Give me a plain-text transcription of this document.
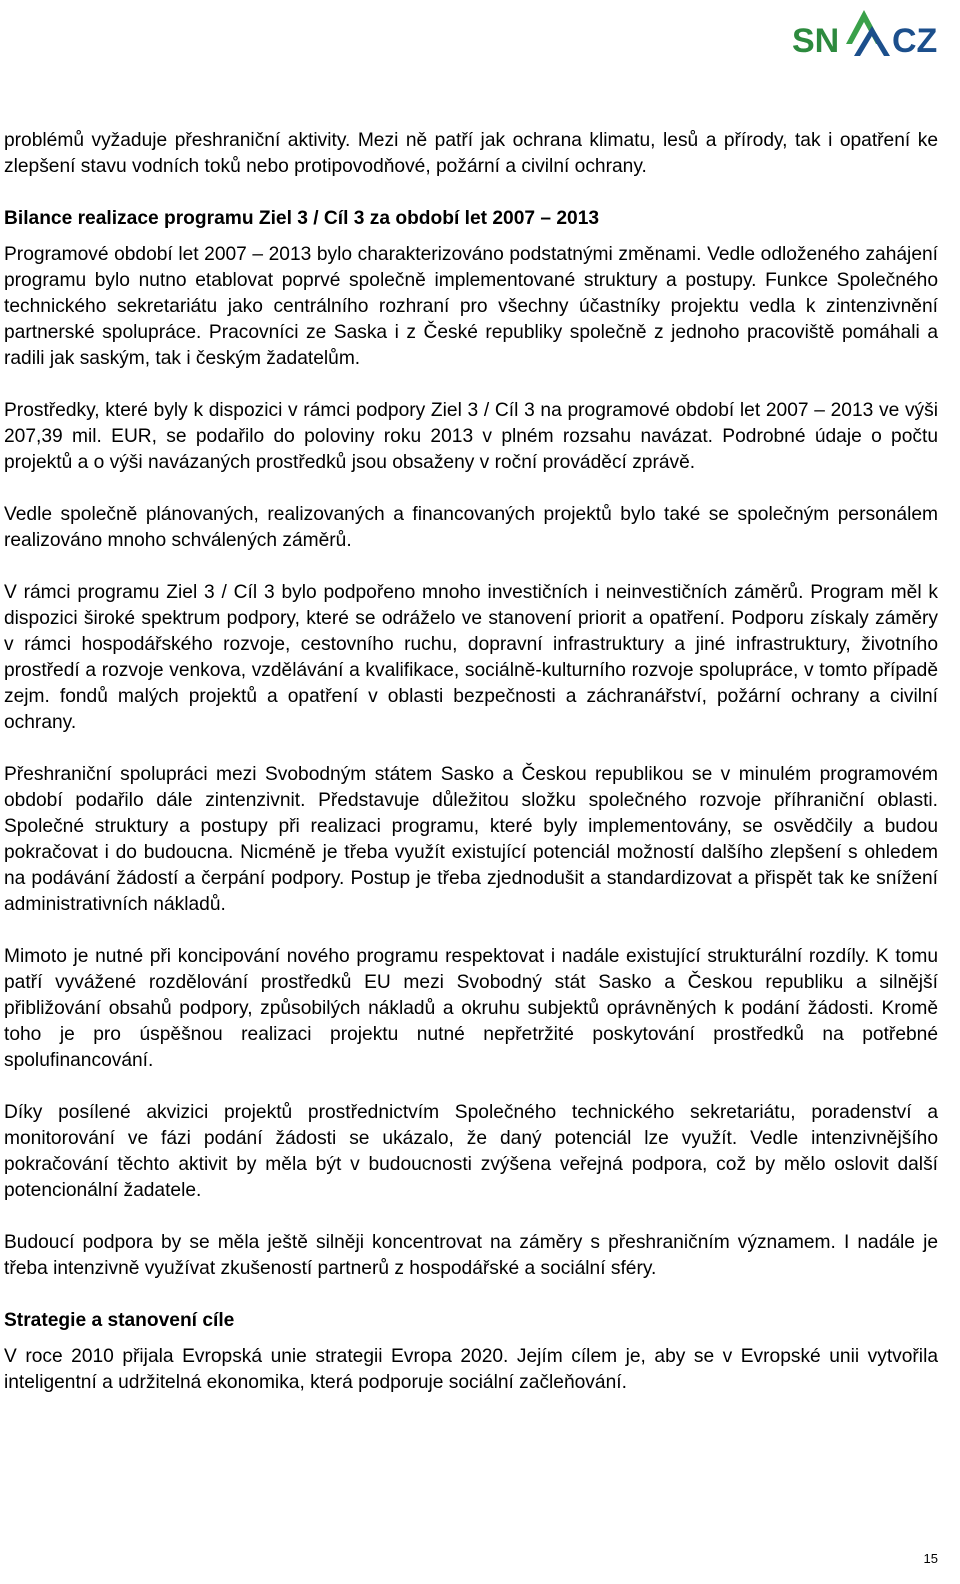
SN CZ

problémů vyžaduje přeshraniční aktivity. Mezi ně patří jak ochrana klimatu, lesů a přírody, tak i opatření ke zlepšení stavu vodních toků nebo protipovodňové, požární a civilní ochrany.

Bilance realizace programu Ziel 3 / Cíl 3 za období let 2007 – 2013

Programové období let 2007 – 2013 bylo charakterizováno podstatnými změnami. Vedle odloženého zahájení programu bylo nutno etablovat poprvé společně implementované struktury a postupy. Funkce Společného technického sekretariátu jako centrálního rozhraní pro všechny účastníky projektu vedla k zintenzivnění partnerské spolupráce. Pracovníci ze Saska i z České republiky společně z jednoho pracoviště pomáhali a radili jak saským, tak i českým žadatelům.

Prostředky, které byly k dispozici v rámci podpory Ziel 3 / Cíl 3 na programové období let 2007 – 2013 ve výši 207,39 mil. EUR, se podařilo do poloviny roku 2013 v plném rozsahu navázat. Podrobné údaje o počtu projektů a o výši navázaných prostředků jsou obsaženy v roční prováděcí zprávě.

Vedle společně plánovaných, realizovaných a financovaných projektů bylo také se společným personálem realizováno mnoho schválených záměrů.

V rámci programu Ziel 3 / Cíl 3 bylo podpořeno mnoho investičních i neinvestičních záměrů. Program měl k dispozici široké spektrum podpory, které se odráželo ve stanovení priorit a opatření. Podporu získaly záměry v rámci hospodářského rozvoje, cestovního ruchu, dopravní infrastruktury a jiné infrastruktury, životního prostředí a rozvoje venkova, vzdělávání a kvalifikace, sociálně-kulturního rozvoje spolupráce, v tomto případě zejm. fondů malých projektů a opatření v oblasti bezpečnosti a záchranářství, požární ochrany a civilní ochrany.

Přeshraniční spolupráci mezi Svobodným státem Sasko a Českou republikou se v minulém programovém období podařilo dále zintenzivnit. Představuje důležitou složku společného rozvoje příhraniční oblasti. Společné struktury a postupy při realizaci programu, které byly implementovány, se osvědčily a budou pokračovat i do budoucna. Nicméně je třeba využít existující potenciál možností dalšího zlepšení s ohledem na podávání žádostí a čerpání podpory. Postup je třeba zjednodušit a standardizovat a přispět tak ke snížení administrativních nákladů.

Mimoto je nutné při koncipování nového programu respektovat i nadále existující strukturální rozdíly. K tomu patří vyvážené rozdělování prostředků EU mezi Svobodný stát Sasko a Českou republiku a silnější přibližování obsahů podpory, způsobilých nákladů a okruhu subjektů oprávněných k podání žádosti. Kromě toho je pro úspěšnou realizaci projektu nutné nepřetržité poskytování prostředků na potřebné spolufinancování.

Díky posílené akvizici projektů prostřednictvím Společného technického sekretariátu, poradenství a monitorování ve fázi podání žádosti se ukázalo, že daný potenciál lze využít. Vedle intenzivnějšího pokračování těchto aktivit by měla být v budoucnosti zvýšena veřejná podpora, což by mělo oslovit další potencionální žadatele.

Budoucí podpora by se měla ještě silněji koncentrovat na záměry s přeshraničním významem. I nadále je třeba intenzivně využívat zkušeností partnerů z hospodářské a sociální sféry.

Strategie a stanovení cíle

V roce 2010 přijala Evropská unie strategii Evropa 2020. Jejím cílem je, aby se v Evropské unii vytvořila inteligentní a udržitelná ekonomika, která podporuje sociální začleňování.

15
